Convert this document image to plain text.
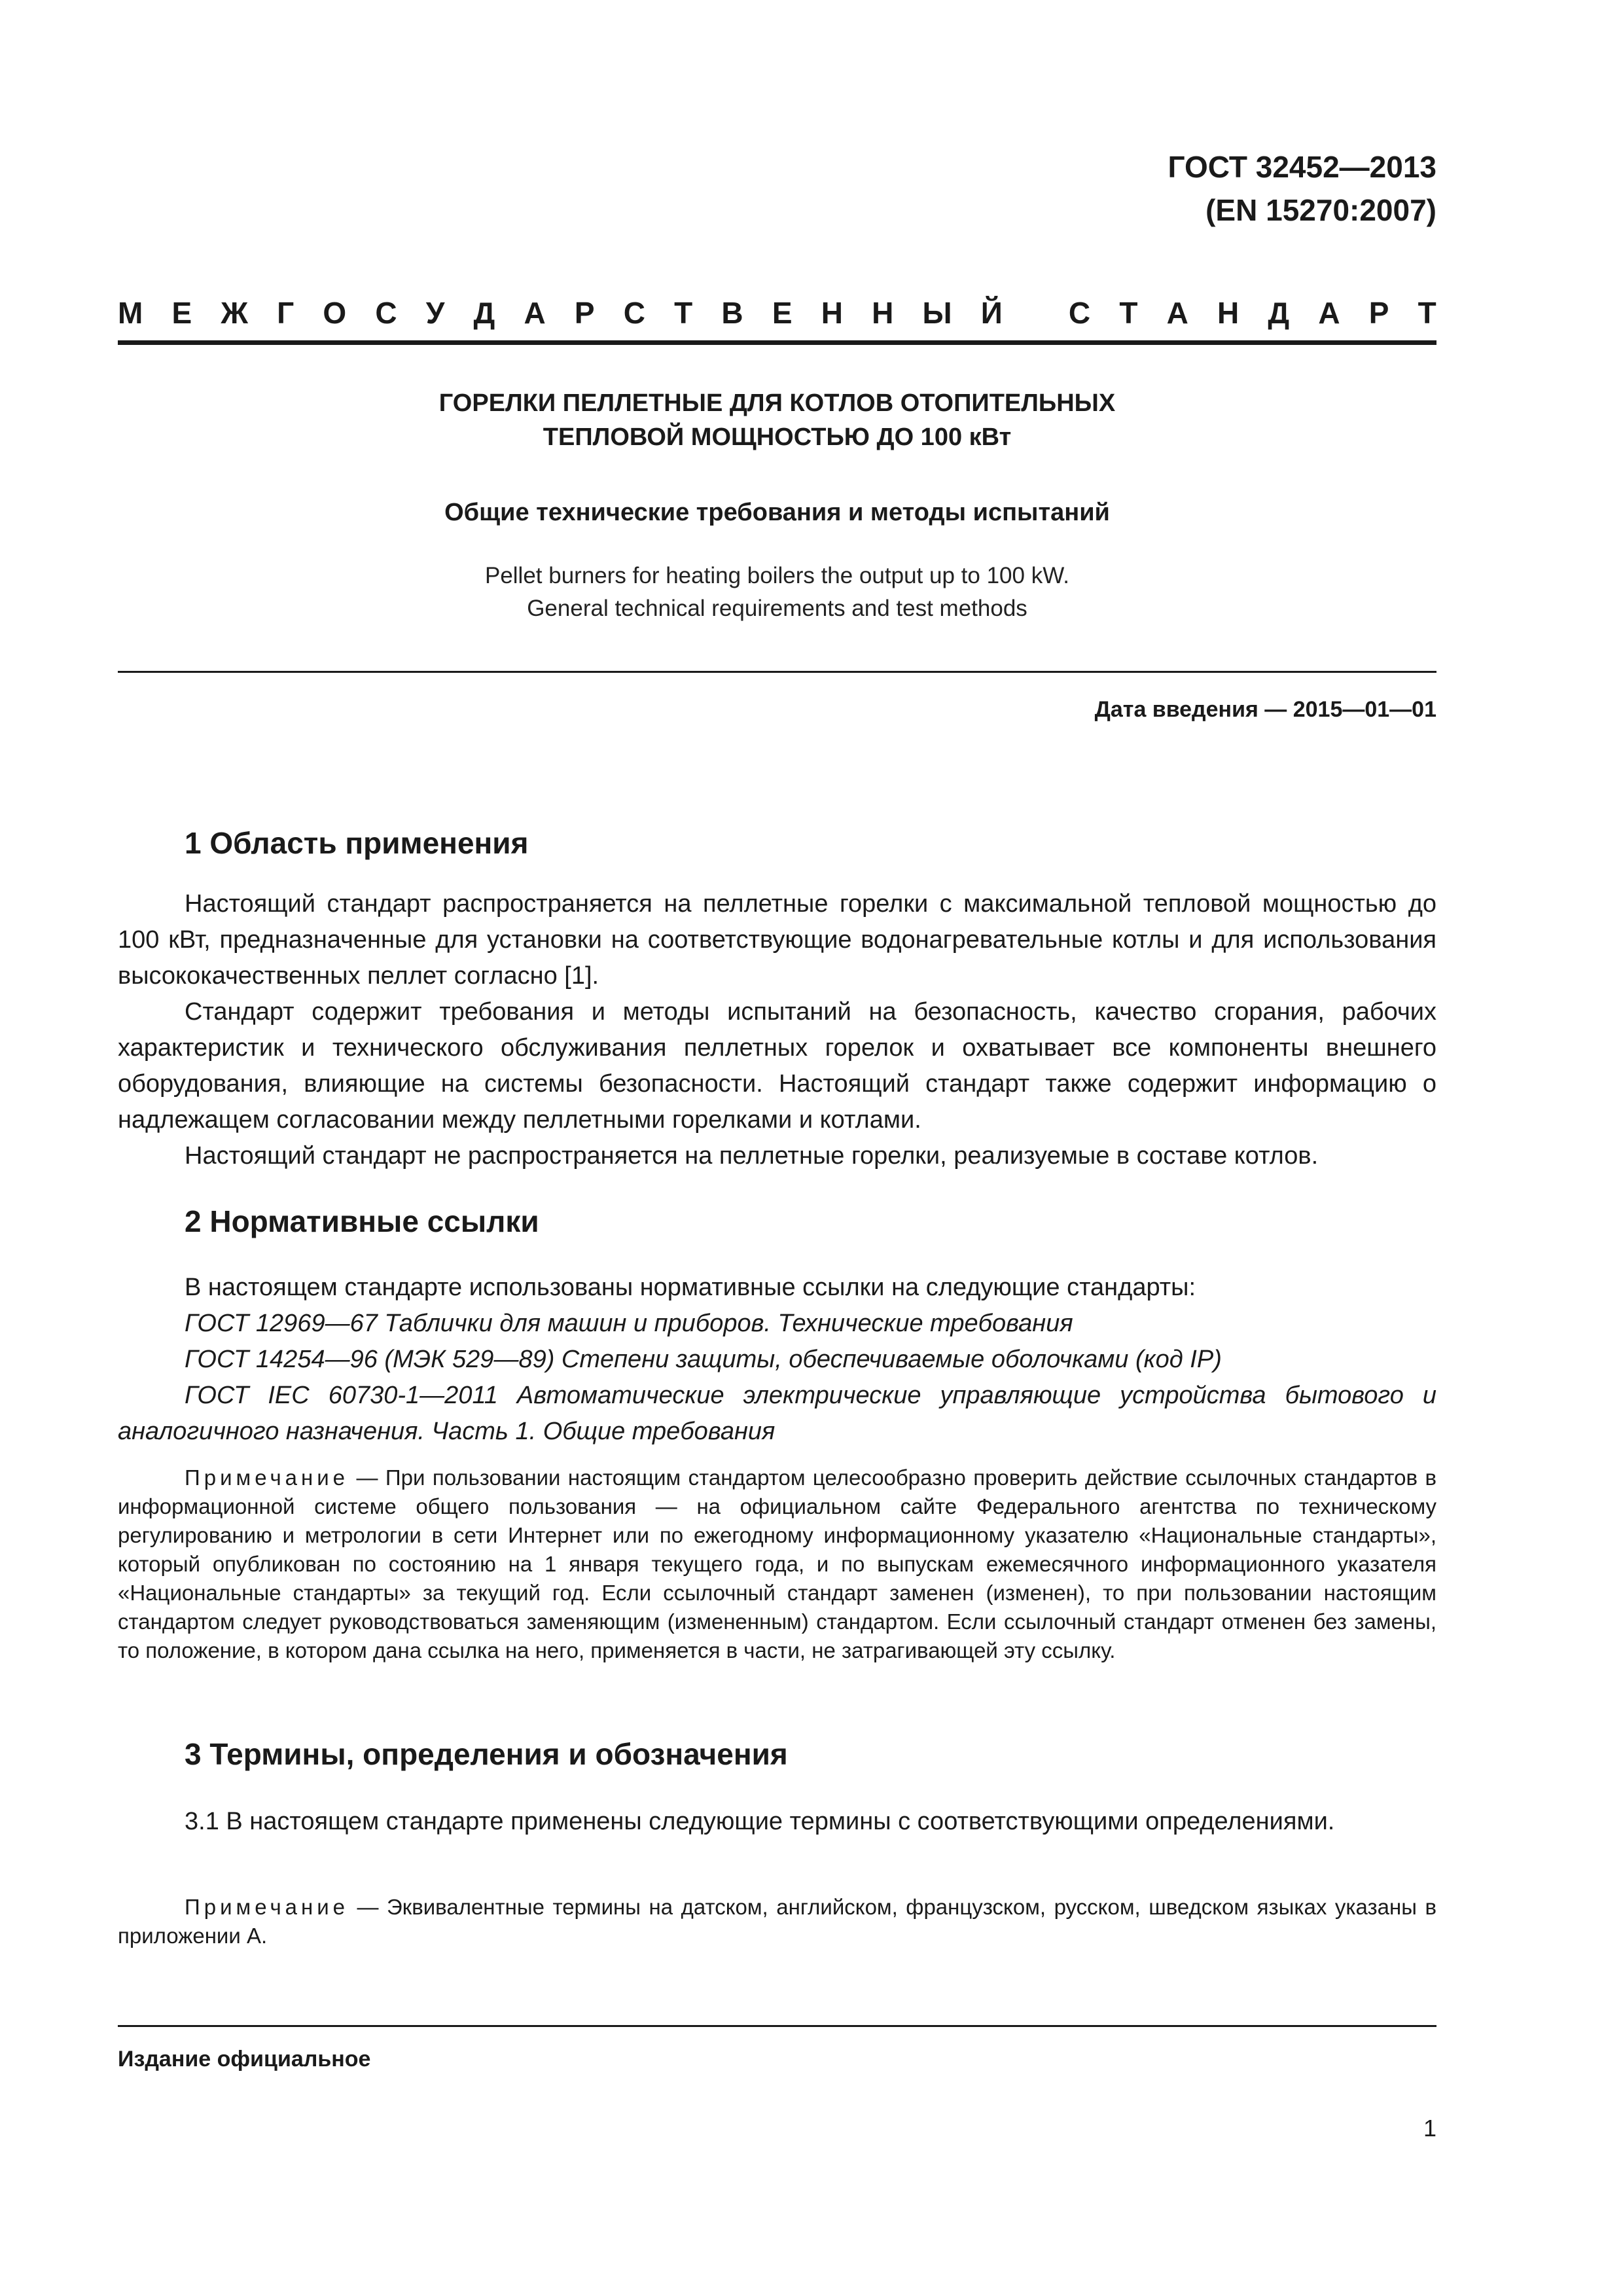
ГОСТ 32452—2013
(EN 15270:2007)
М Е Ж Г О С У Д А Р С Т В Е Н Н Ы Й
С Т А Н Д А Р Т
ГОРЕЛКИ ПЕЛЛЕТНЫЕ ДЛЯ КОТЛОВ ОТОПИТЕЛЬНЫХ
ТЕПЛОВОЙ МОЩНОСТЬЮ ДО 100 кВт
Общие технические требования и методы испытаний
Pellet burners for heating boilers the output up to 100 kW.
General technical requirements and test methods
Дата введения — 2015—01—01
1 Область применения

Настоящий стандарт распространяется на пеллетные горелки с максимальной тепловой мощностью до 100 кВт, предназначенные для установки на соответствующие водонагревательные котлы и для использования высококачественных пеллет согласно [1].

Стандарт содержит требования и методы испытаний на безопасность, качество сгорания, рабочих характеристик и технического обслуживания пеллетных горелок и охватывает все компоненты внешнего оборудования, влияющие на системы безопасности. Настоящий стандарт также содержит информацию о надлежащем согласовании между пеллетными горелками и котлами.

Настоящий стандарт не распространяется на пеллетные горелки, реализуемые в составе котлов.

2 Нормативные ссылки

В настоящем стандарте использованы нормативные ссылки на следующие стандарты:

ГОСТ 12969—67 Таблички для машин и приборов. Технические требования

ГОСТ 14254—96 (МЭК 529—89) Степени защиты, обеспечиваемые оболочками (код IP)

ГОСТ IEC 60730-1—2011 Автоматические электрические управляющие устройства бытового и аналогичного назначения. Часть 1. Общие требования

Примечание — При пользовании настоящим стандартом целесообразно проверить действие ссылочных стандартов в информационной системе общего пользования — на официальном сайте Федерального агентства по техническому регулированию и метрологии в сети Интернет или по ежегодному информационному указателю «Национальные стандарты», который опубликован по состоянию на 1 января текущего года, и по выпускам ежемесячного информационного указателя «Национальные стандарты» за текущий год. Если ссылочный стандарт заменен (изменен), то при пользовании настоящим стандартом следует руководствоваться заменяющим (измененным) стандартом. Если ссылочный стандарт отменен без замены, то положение, в котором дана ссылка на него, применяется в части, не затрагивающей эту ссылку.

3 Термины, определения и обозначения

3.1 В настоящем стандарте применены следующие термины с соответствующими определениями.

Примечание — Эквивалентные термины на датском, английском, французском, русском, шведском языках указаны в приложении А.

Издание официальное
1
